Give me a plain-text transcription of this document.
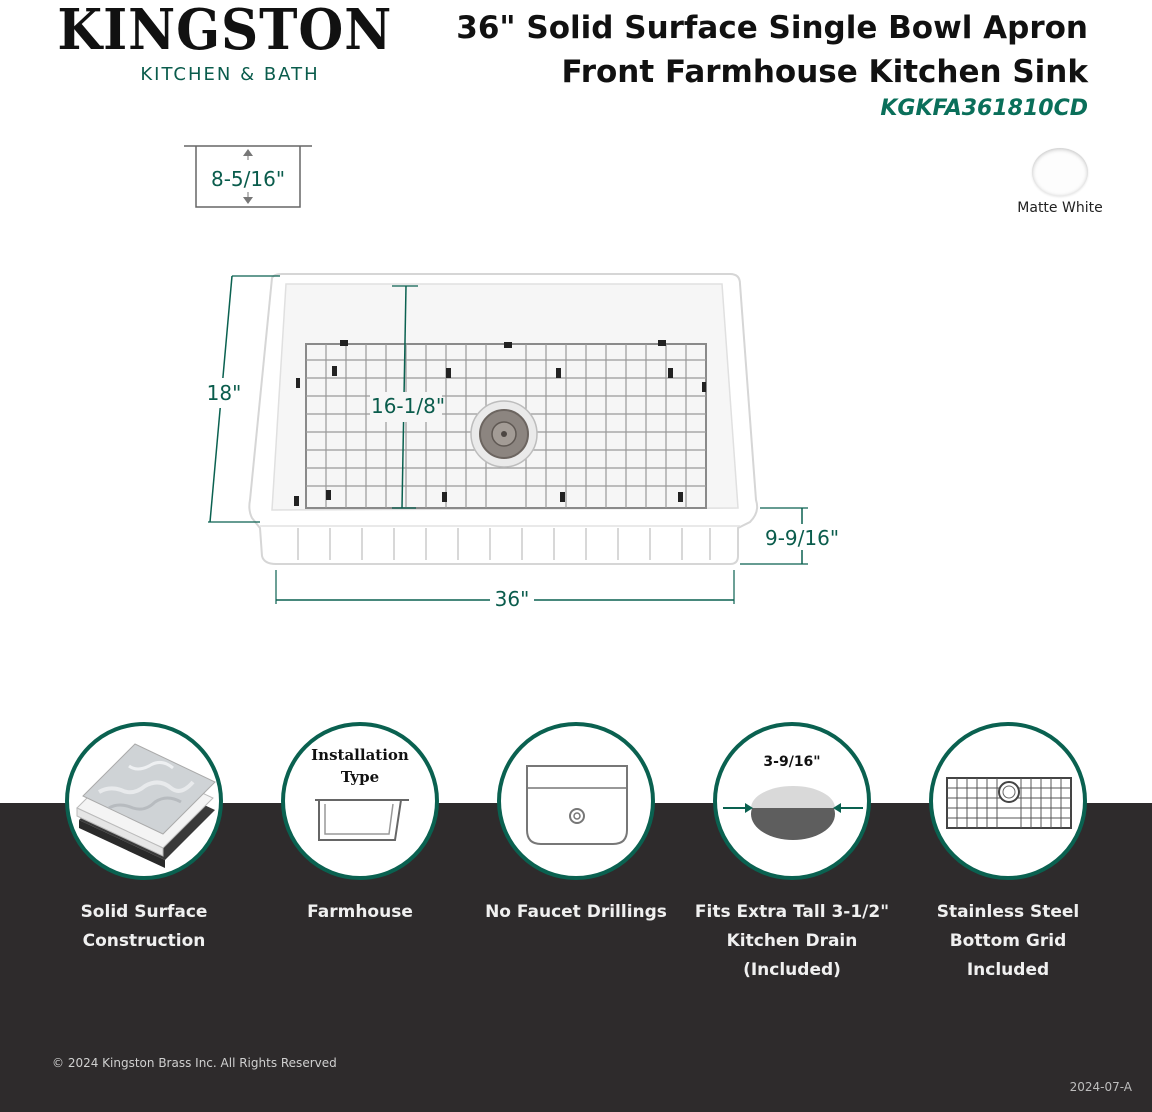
KINGSTON
KITCHEN & BATH
36" Solid Surface Single Bowl Apron
Front Farmhouse Kitchen Sink
KGKFA361810CD
Matte White
8-5/16"
18"
16-1/8"
9-9/16"
36"
Solid Surface
Construction
Installation
Type
Farmhouse	No Faucet Drillings
3-9/16"
Fits Extra Tall 3-1/2"
Kitchen Drain
(Included)
Stainless Steel
Bottom Grid
Included
© 2024 Kingston Brass Inc. All Rights Reserved
2024-07-A
